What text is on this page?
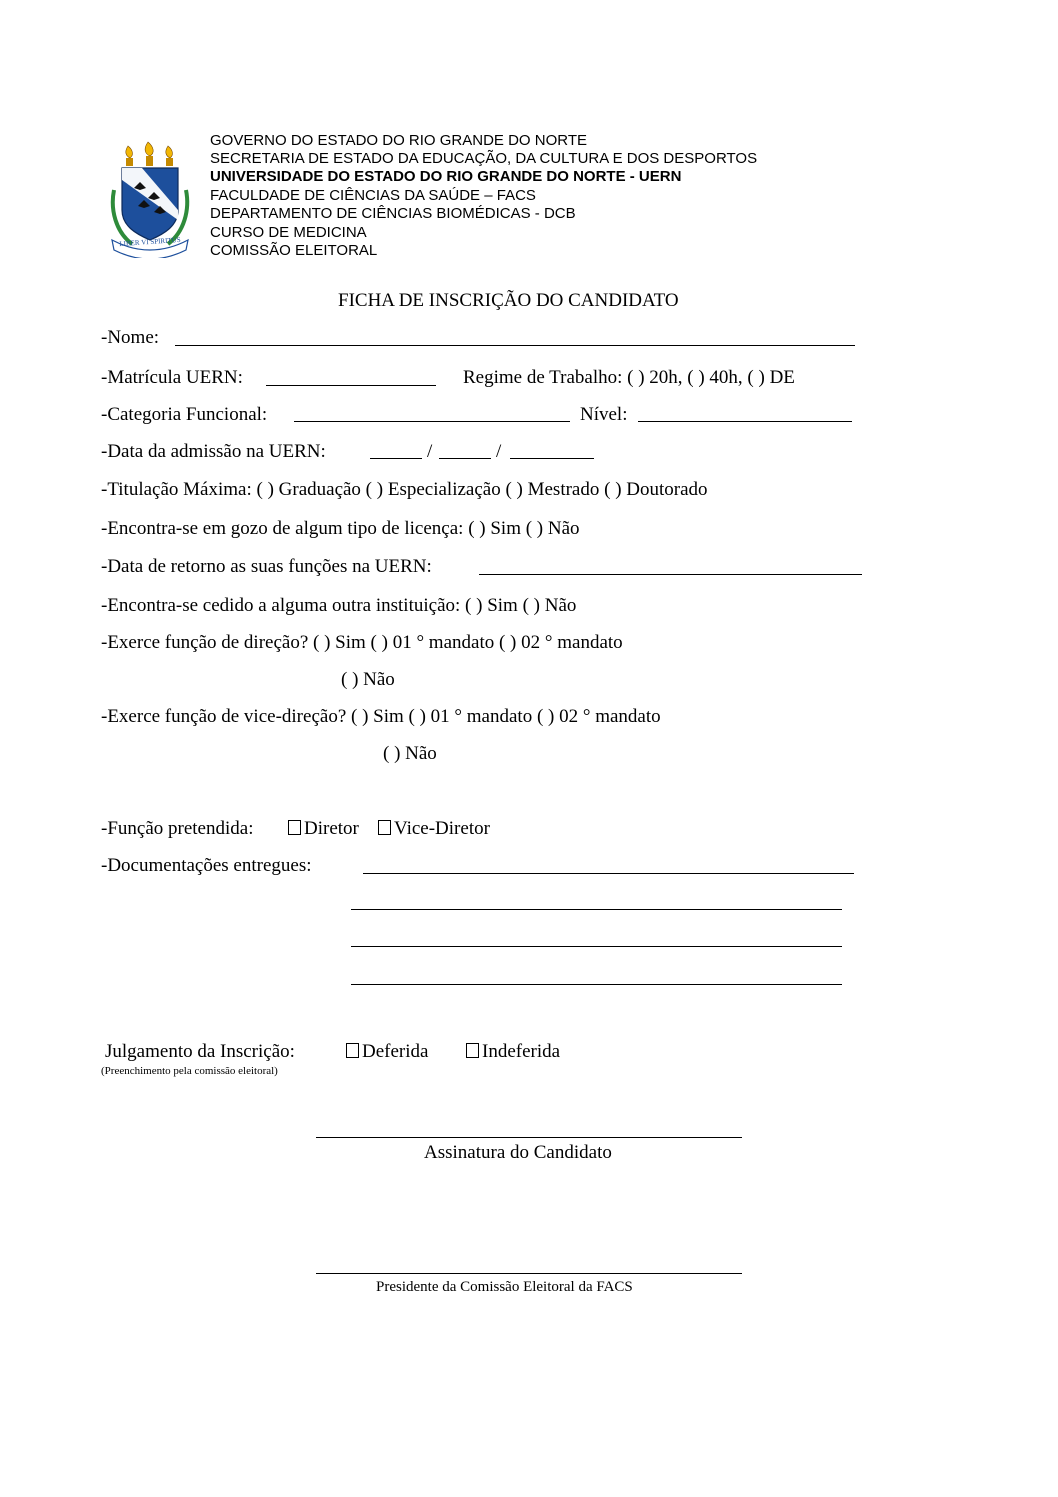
LIBER VI SPIRITUS
GOVERNO DO ESTADO DO RIO GRANDE DO NORTE
SECRETARIA DE ESTADO DA EDUCAÇÃO, DA CULTURA E DOS DESPORTOS
UNIVERSIDADE DO ESTADO DO RIO GRANDE DO NORTE - UERN
FACULDADE DE CIÊNCIAS DA SAÚDE – FACS
DEPARTAMENTO DE CIÊNCIAS BIOMÉDICAS - DCB
CURSO DE MEDICINA
COMISSÃO ELEITORAL
FICHA DE INSCRIÇÃO DO CANDIDATO
-Nome:
-Matrícula UERN:	Regime de Trabalho: ( ) 20h, ( ) 40h, ( ) DE
-Categoria Funcional:	Nível:
-Data da admissão na UERN:	/	/
-Titulação Máxima: ( ) Graduação ( ) Especialização ( ) Mestrado ( ) Doutorado
-Encontra-se em gozo de algum tipo de licença: ( ) Sim ( ) Não
-Data de retorno as suas funções na UERN:
-Encontra-se cedido a alguma outra instituição: ( ) Sim ( ) Não
-Exerce função de direção? ( ) Sim ( ) 01 ° mandato ( ) 02 ° mandato
( ) Não
-Exerce função de vice-direção? ( ) Sim ( ) 01 ° mandato ( ) 02 ° mandato
( ) Não
-Função pretendida:	Diretor	Vice-Diretor
-Documentações entregues:
Julgamento da Inscrição:	Deferida	Indeferida
(Preenchimento pela comissão eleitoral)
Assinatura do Candidato
Presidente da Comissão Eleitoral da FACS
